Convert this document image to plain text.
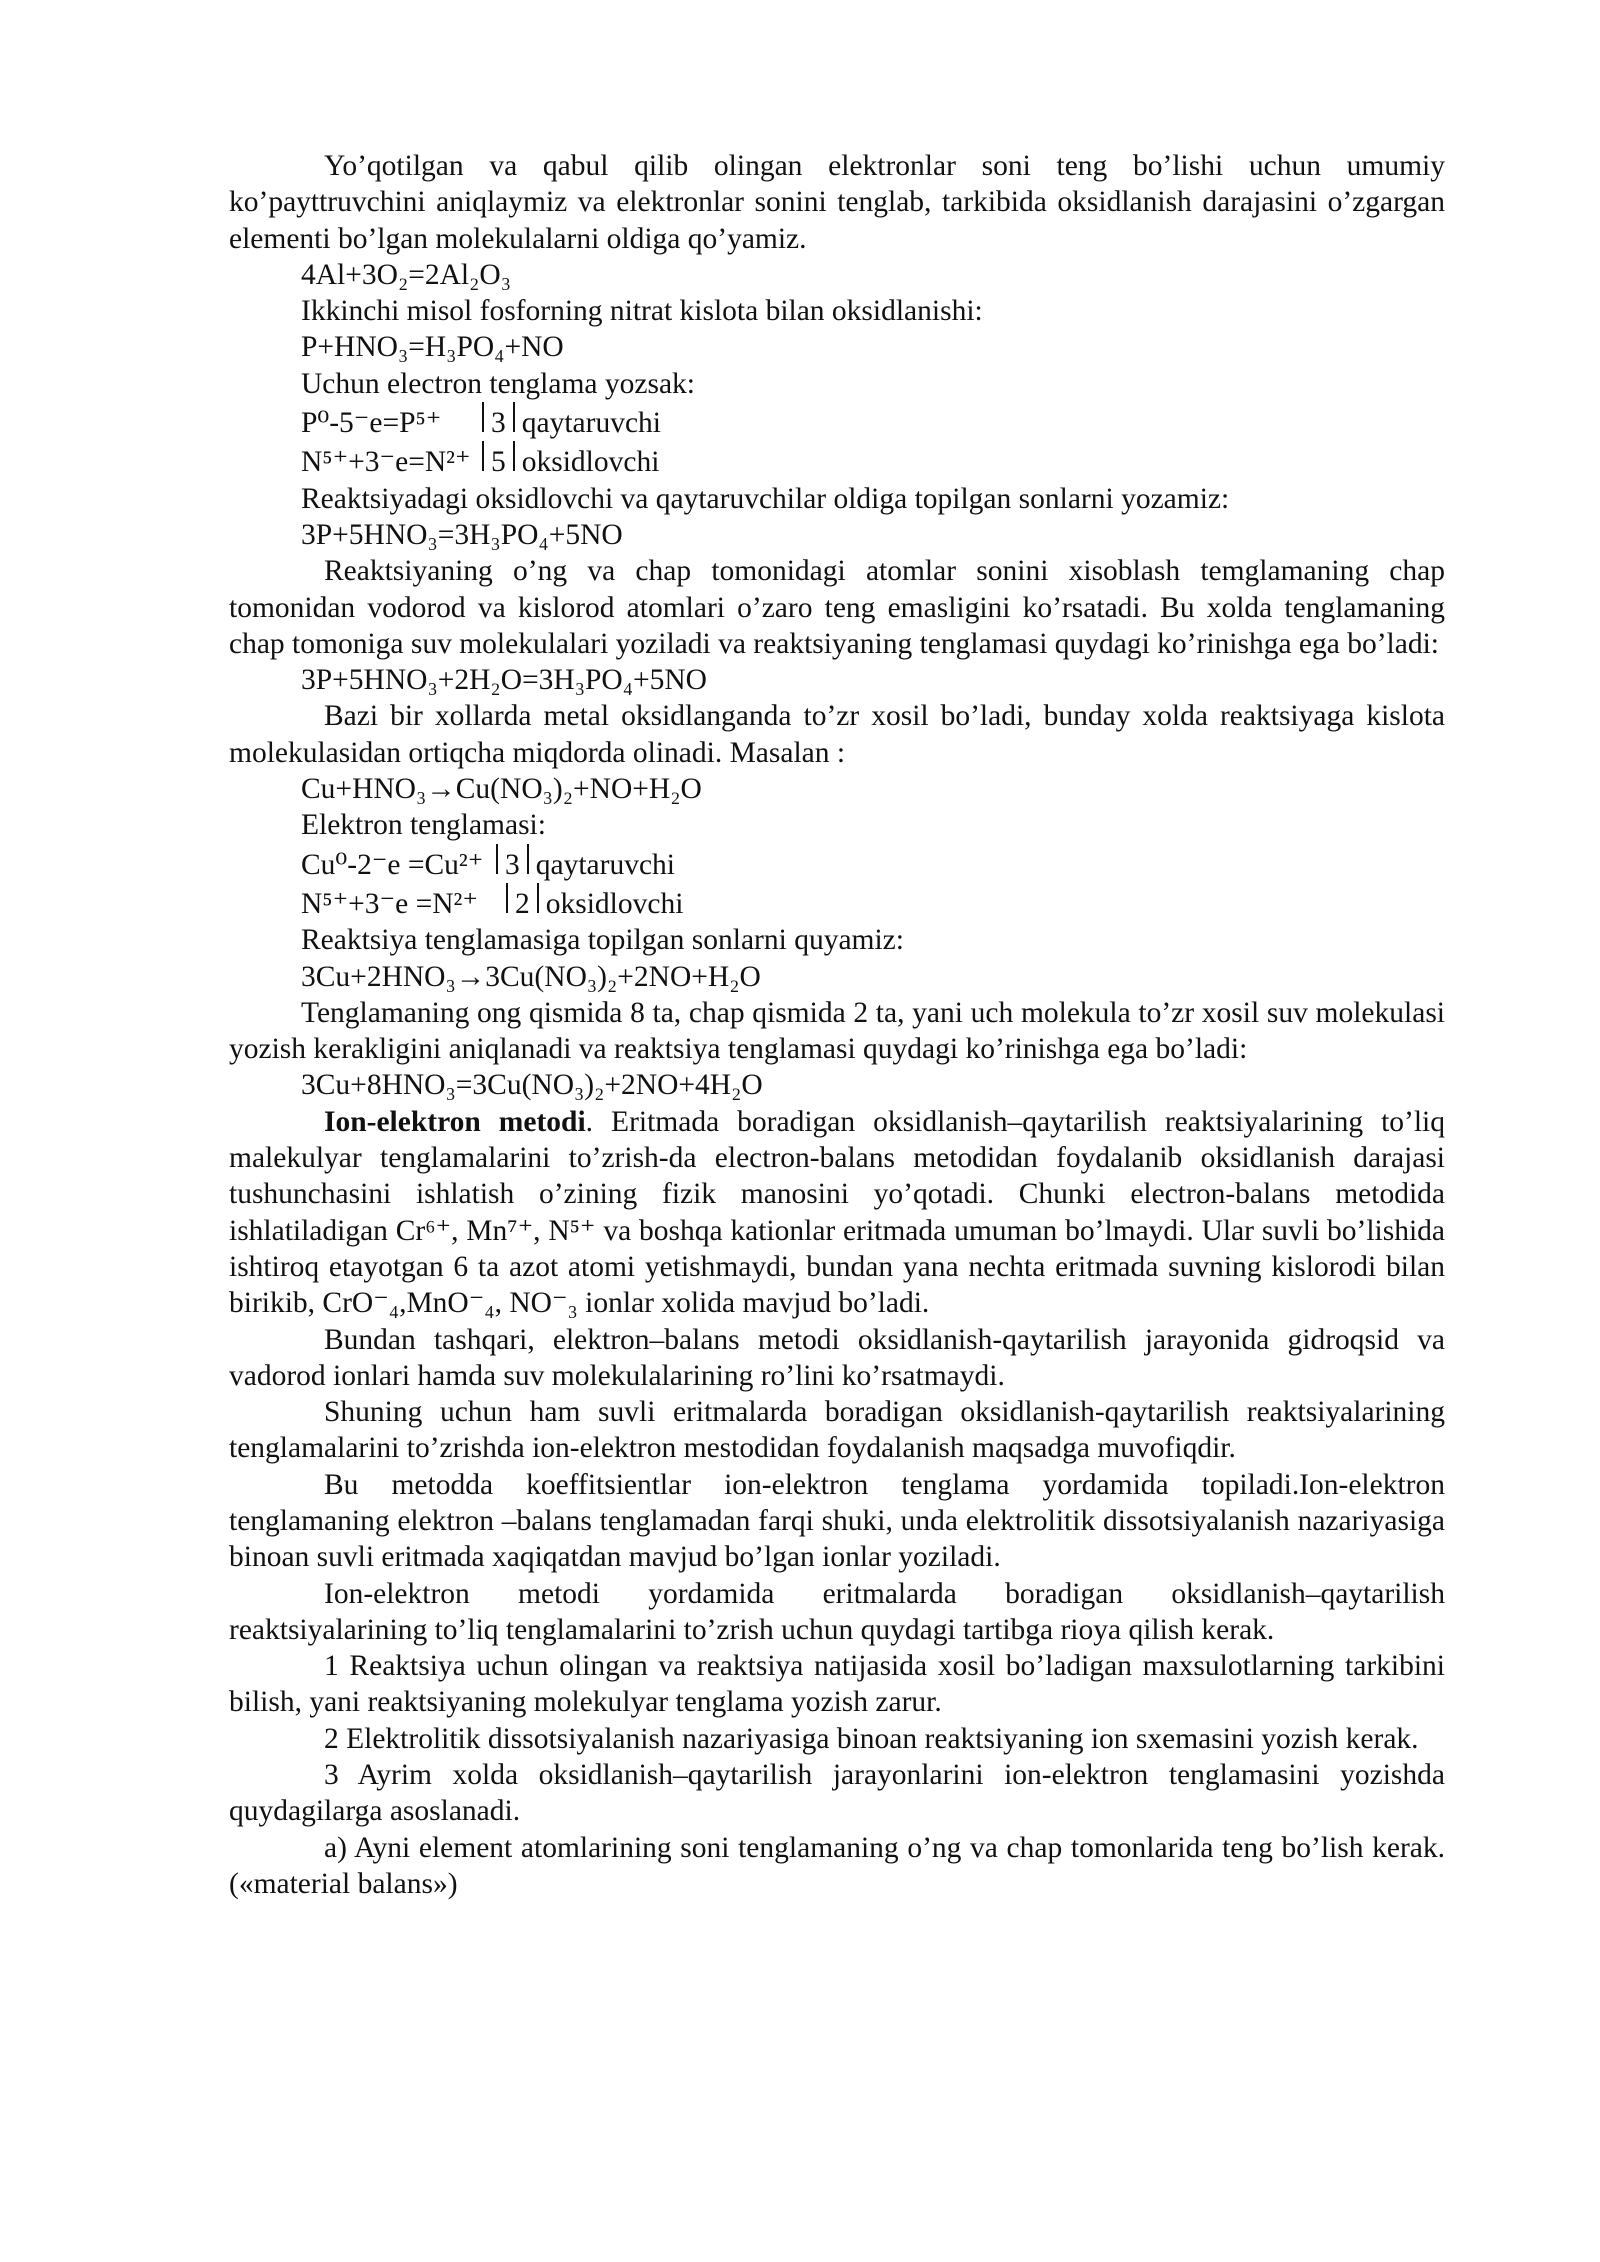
Yo’qotilgan va qabul qilib olingan elektronlar soni teng bo’lishi uchun umumiy ko’payttruvchini aniqlaymiz va elektronlar sonini tenglab, tarkibida oksidlanish darajasini o’zgargan elementi bo’lgan molekulalarni oldiga qo’yamiz.

4Al+3O₂=2Al₂O₃

Ikkinchi misol fosforning nitrat kislota bilan oksidlanishi:

P+HNO₃=H₃PO₄+NO

Uchun electron tenglama yozsak:

P⁰-5⁻e=P⁵⁺	3 qaytaruvchi
N⁵⁺+3⁻e=N²⁺ 5 oksidlovchi

Reaktsiyadagi oksidlovchi va qaytaruvchilar oldiga topilgan sonlarni yozamiz:

3P+5HNO₃=3H₃PO₄+5NO

Reaktsiyaning o’ng va chap tomonidagi atomlar sonini xisoblash temglamaning chap tomonidan vodorod va kislorod atomlari o’zaro teng emasligini ko’rsatadi. Bu xolda tenglamaning chap tomoniga suv molekulalari yoziladi va reaktsiyaning tenglamasi quydagi ko’rinishga ega bo’ladi:

3P+5HNO₃+2H₂O=3H₃PO₄+5NO

Bazi bir xollarda metal oksidlanganda to’zr xosil bo’ladi, bunday xolda reaktsiyaga kislota molekulasidan ortiqcha miqdorda olinadi. Masalan :

Cu+HNO₃→Cu(NO₃)₂+NO+H₂O

Elektron tenglamasi:

Cu⁰-2⁻e =Cu²⁺ 3 qaytaruvchi
N⁵⁺+3⁻e =N²⁺	2 oksidlovchi

Reaktsiya tenglamasiga topilgan sonlarni quyamiz:

3Cu+2HNO₃→3Cu(NO₃)₂+2NO+H₂O

Tenglamaning ong qismida 8 ta, chap qismida 2 ta, yani uch molekula to’zr xosil suv molekulasi yozish kerakligini aniqlanadi va reaktsiya tenglamasi quydagi ko’rinishga ega bo’ladi:

3Cu+8HNO₃=3Cu(NO₃)₂+2NO+4H₂O

Ion-elektron metodi. Eritmada boradigan oksidlanish–qaytarilish reaktsiyalarining to’liq malekulyar tenglamalarini to’zrish-da electron-balans metodidan foydalanib oksidlanish darajasi tushunchasini ishlatish o’zining fizik manosini yo’qotadi. Chunki electron-balans metodida ishlatiladigan Cr⁶⁺, Mn⁷⁺, N⁵⁺ va boshqa kationlar eritmada umuman bo’lmaydi. Ular suvli bo’lishida ishtiroq etayotgan 6 ta azot atomi yetishmaydi, bundan yana nechta eritmada suvning kislorodi bilan birikib, CrO⁻₄,MnO⁻₄, NO⁻₃ ionlar xolida mavjud bo’ladi.

Bundan tashqari, elektron–balans metodi oksidlanish-qaytarilish jarayonida gidroqsid va vadorod ionlari hamda suv molekulalarining ro’lini ko’rsatmaydi.

Shuning uchun ham suvli eritmalarda boradigan oksidlanish-qaytarilish reaktsiyalarining tenglamalarini to’zrishda ion-elektron mestodidan foydalanish maqsadga muvofiqdir.

Bu metodda koeffitsientlar ion-elektron tenglama yordamida topiladi.Ion-elektron tenglamaning elektron –balans tenglamadan farqi shuki, unda elektrolitik dissotsiyalanish nazariyasiga binoan suvli eritmada xaqiqatdan mavjud bo’lgan ionlar yoziladi.

Ion-elektron metodi yordamida eritmalarda boradigan oksidlanish–qaytarilish reaktsiyalarining to’liq tenglamalarini to’zrish uchun quydagi tartibga rioya qilish kerak.

1 Reaktsiya uchun olingan va reaktsiya natijasida xosil bo’ladigan maxsulotlarning tarkibini bilish, yani reaktsiyaning molekulyar tenglama yozish zarur.

2 Elektrolitik dissotsiyalanish nazariyasiga binoan reaktsiyaning ion sxemasini yozish kerak.

3 Ayrim xolda oksidlanish–qaytarilish jarayonlarini ion-elektron tenglamasini yozishda quydagilarga asoslanadi.

a) Ayni element atomlarining soni tenglamaning o’ng va chap tomonlarida teng bo’lish kerak.(«material balans»)
